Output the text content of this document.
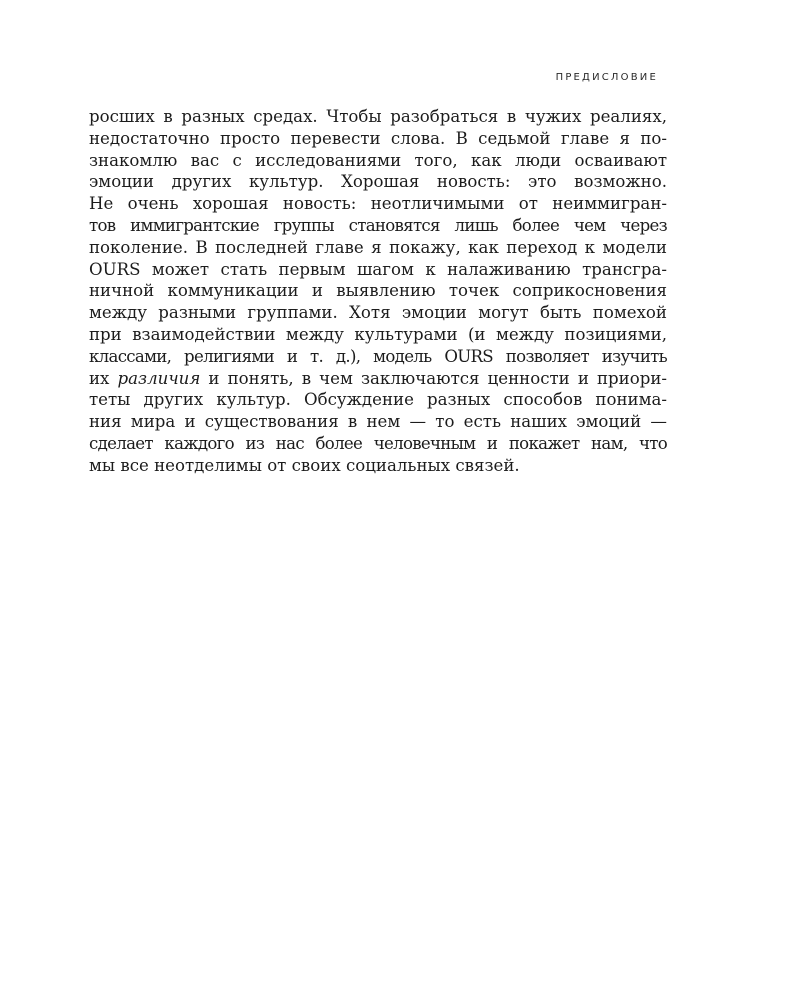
ПРЕДИСЛОВИЕ
росших в разных средах. Чтобы разобраться в чужих реалиях,
недостаточно просто перевести слова. В седьмой главе я по-
знакомлю вас с исследованиями того, как люди осваивают
эмоции других культур. Хорошая новость: это возможно.
Не очень хорошая новость: неотличимыми от неиммигран-
тов иммигрантские группы становятся лишь более чем через
поколение. В последней главе я покажу, как переход к модели
OURS может стать первым шагом к налаживанию трансгра-
ничной коммуникации и выявлению точек соприкосновения
между разными группами. Хотя эмоции могут быть помехой
при взаимодействии между культурами (и между позициями,
классами, религиями и т. д.), модель OURS позволяет изучить
их различия и понять, в чем заключаются ценности и приори-
теты других культур. Обсуждение разных способов понима-
ния мира и существования в нем — то есть наших эмоций —
сделает каждого из нас более человечным и покажет нам, что
мы все неотделимы от своих социальных связей.
